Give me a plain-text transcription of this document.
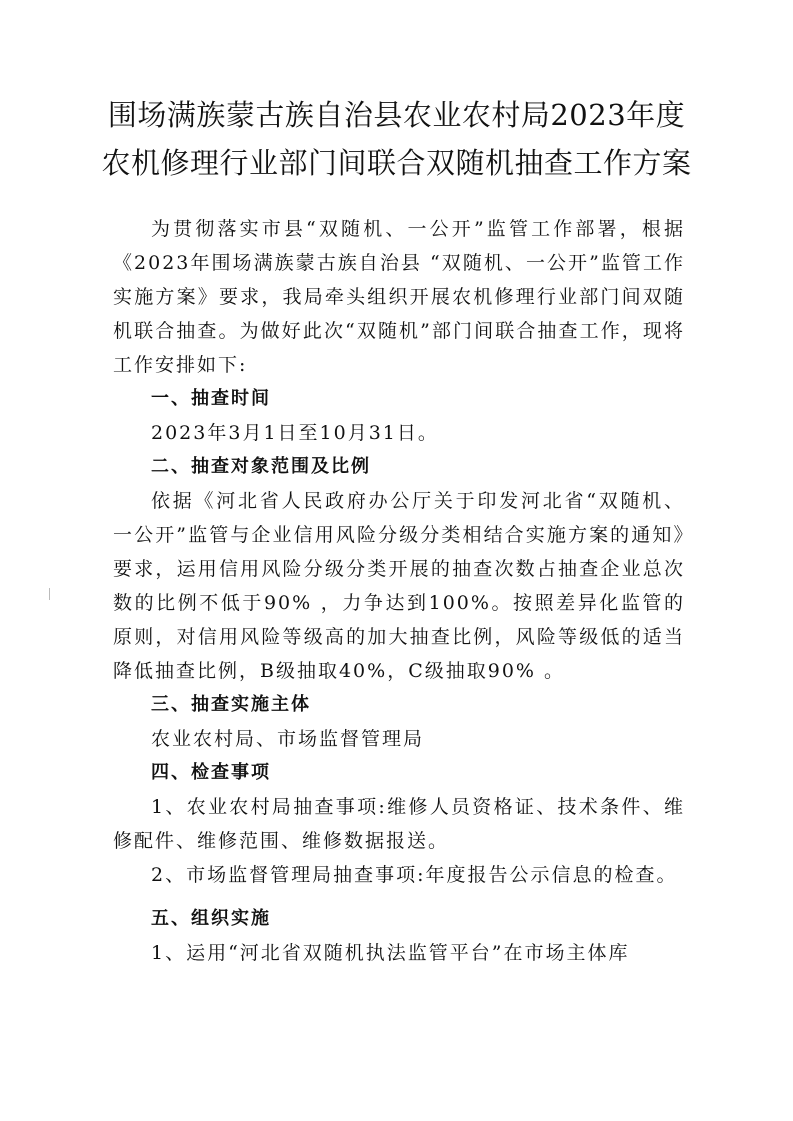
围场满族蒙古族自治县农业农村局2023年度
农机修理行业部门间联合双随机抽查工作方案

为贯彻落实市县“双随机、一公开”监管工作部署，根据《2023年围场满族蒙古族自治县 “双随机、一公开”监管工作实施方案》要求，我局牵头组织开展农机修理行业部门间双随机联合抽查。为做好此次“双随机”部门间联合抽查工作，现将工作安排如下:

一、抽查时间

2023年3月1日至10月31日。

二、抽查对象范围及比例

依据《河北省人民政府办公厅关于印发河北省“双随机、一公开”监管与企业信用风险分级分类相结合实施方案的通知》要求，运用信用风险分级分类开展的抽查次数占抽查企业总次数的比例不低于90% ，力争达到100%。按照差异化监管的原则，对信用风险等级高的加大抽查比例，风险等级低的适当降低抽查比例，B级抽取40%，C级抽取90% 。

三、抽查实施主体

农业农村局、市场监督管理局

四、检查事项

1、农业农村局抽查事项:维修人员资格证、技术条件、维修配件、维修范围、维修数据报送。

2、市场监督管理局抽查事项:年度报告公示信息的检查。

五、组织实施

1、运用“河北省双随机执法监管平台”在市场主体库
